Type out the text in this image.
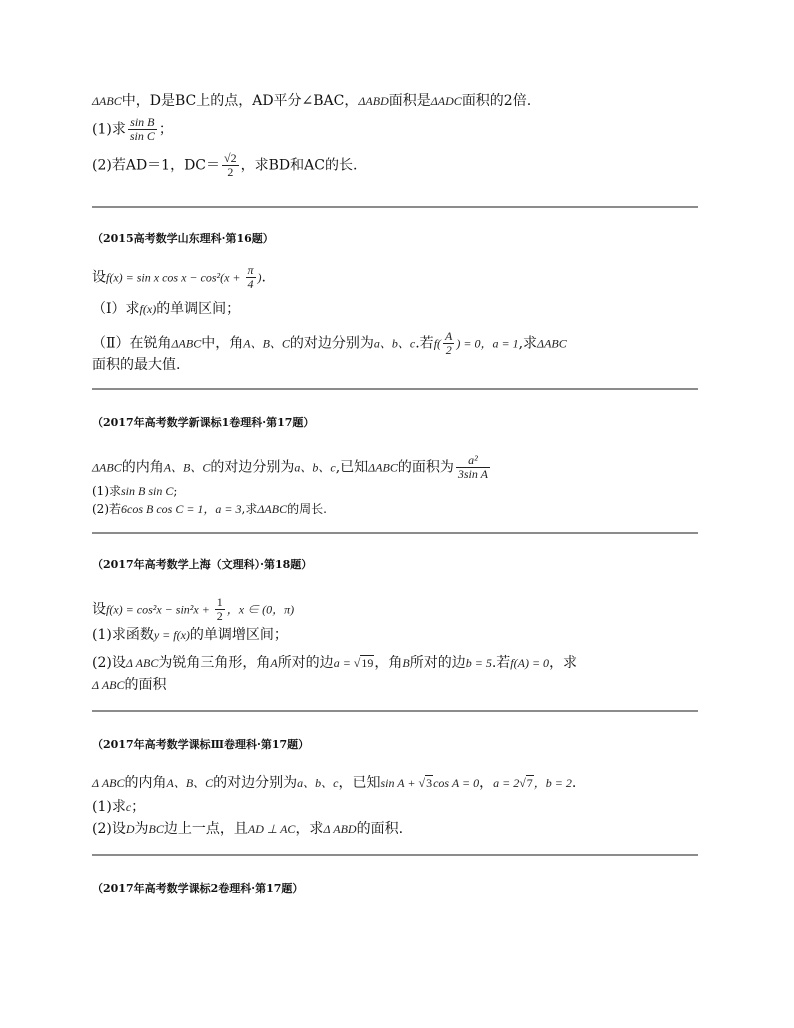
ΔABC中，D是BC上的点，AD平分∠BAC，ΔABD面积是ΔADC面积的2倍.
(1)求 $\frac{\text{sin B}}{\text{sin C}}$ ；
(2)若AD＝1，$DC= \frac{√2}{2}$ ，求BD和AC的长.
（2015高考数学山东理科·第16题）
设f(x) = sin x $\cos x - \cos^2(x + \frac{\pi}{4}$ ).
（Ⅰ）求f(x)的单调区间；
（Ⅱ）在锐角ΔABC中，角A、B、C的对边分别为a、b、c.若$f( \frac{A}{2}$ ) = 0，a = 1,求ΔABC
面积的最大值.
（2017年高考数学新课标1卷理科·第17题）
ΔABC的内角A、B、C的对边分别为a、b、c,已知ΔABC的面积为 $\frac{\text{a²}}{\text{3sin A}}$
(1)求sin B sin C;
(2)若6cos B cos C = 1，a = 3,求ΔABC的周长.
（2017年高考数学上海（文理科）·第18题）
设$f(x) = \cos^2x - \sin^2x + \frac{1}{2}$ ，x ∈ (0，π)
(1)求函数y = f(x)的单调增区间；
(2)设Δ ABC为锐角三角形，角A所对的边a = √19，角B所对的边b = 5.若f(A) = 0，求
Δ ABC的面积
（2017年高考数学课标Ⅲ卷理科·第17题）
Δ ABC的内角A、B、C的对边分别为a、b、c，已知sin A + √3cos A = 0，a = 2√7，b = 2.
(1)求c；
(2)设D为BC边上一点，且AD ⊥ AC，求Δ ABD的面积.
（2017年高考数学课标2卷理科·第17题）
